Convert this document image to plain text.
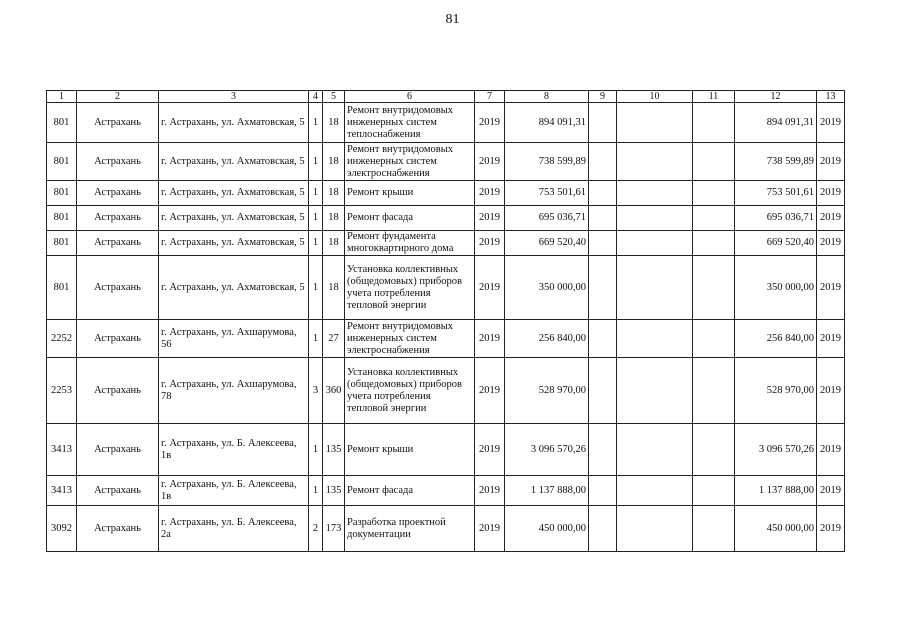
81
1	2	3	4	5	6	7	8	9	10	11	12	13
801	Астрахань	г. Астрахань, ул. Ахматовская, 5	1	18	Ремонт внутридомовых инженерных систем теплоснабжения	2019	894 091,31				894 091,31	2019
801	Астрахань	г. Астрахань, ул. Ахматовская, 5	1	18	Ремонт внутридомовых инженерных систем электроснабжения	2019	738 599,89				738 599,89	2019
801	Астрахань	г. Астрахань, ул. Ахматовская, 5	1	18	Ремонт крыши	2019	753 501,61				753 501,61	2019
801	Астрахань	г. Астрахань, ул. Ахматовская, 5	1	18	Ремонт фасада	2019	695 036,71				695 036,71	2019
801	Астрахань	г. Астрахань, ул. Ахматовская, 5	1	18	Ремонт фундамента многоквартирного дома	2019	669 520,40				669 520,40	2019
801	Астрахань	г. Астрахань, ул. Ахматовская, 5	1	18	Установка коллективных (общедомовых) приборов учета потребления тепловой энергии	2019	350 000,00				350 000,00	2019
2252	Астрахань	г. Астрахань, ул. Ахшарумова, 56	1	27	Ремонт внутридомовых инженерных систем электроснабжения	2019	256 840,00				256 840,00	2019
2253	Астрахань	г. Астрахань, ул. Ахшарумова, 78	3	360	Установка коллективных (общедомовых) приборов учета потребления тепловой энергии	2019	528 970,00				528 970,00	2019
3413	Астрахань	г. Астрахань, ул. Б. Алексеева, 1в	1	135	Ремонт крыши	2019	3 096 570,26				3 096 570,26	2019
3413	Астрахань	г. Астрахань, ул. Б. Алексеева, 1в	1	135	Ремонт фасада	2019	1 137 888,00				1 137 888,00	2019
3092	Астрахань	г. Астрахань, ул. Б. Алексеева, 2а	2	173	Разработка проектной документации	2019	450 000,00				450 000,00	2019
